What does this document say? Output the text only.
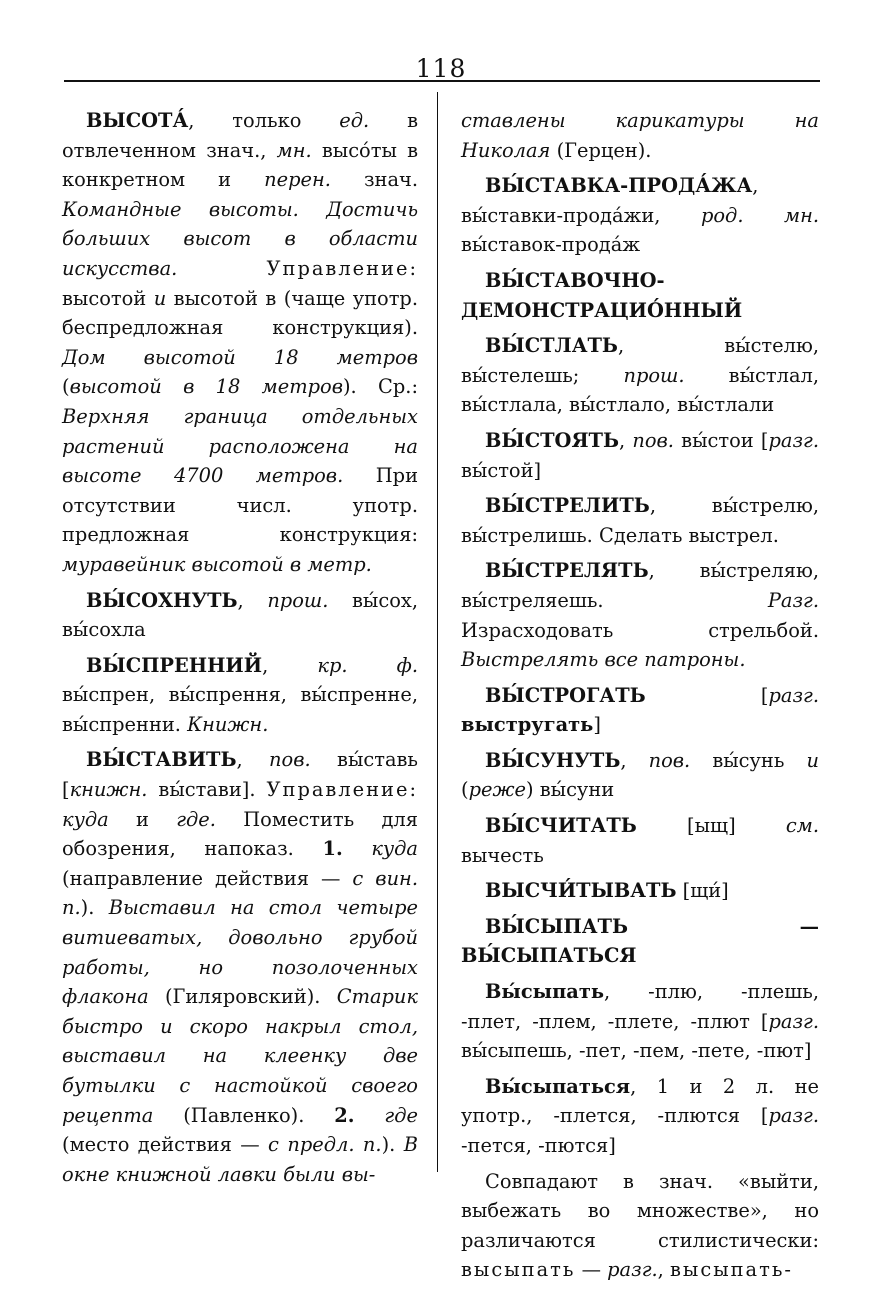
118

ВЫСОТА́, только ед. в отвлеченном знач., мн. высо́ты в конкретном и перен. знач. Командные высоты. Достичь больших высот в области искусства.	Управление: высотой и высотой в (чаще употр. беспредложная конструкция). Дом высотой 18 метров (высотой в 18 метров). Ср.: Верхняя граница отдельных растений расположена на высоте 4700 метров. При отсутствии числ. употр. предложная конструкция: муравейник высотой в метр.

ВЫ́СОХНУТЬ, прош. вы́сох, вы́сохла

ВЫ́СПРЕННИЙ, кр. ф. вы́спрен, вы́спрення, вы́спренне, вы́спренни. Книжн.

ВЫ́СТАВИТЬ, пов. вы́ставь [книжн. вы́стави]. Управление: куда и где. Поместить для обозрения, напоказ. 1. куда (направление действия — с вин. п.). Выставил на стол четыре витиеватых, довольно грубой работы, но позолоченных флакона (Гиляровский). Старик быстро и скоро накрыл стол, выставил на клеенку две бутылки с настойкой своего рецепта (Павленко). 2. где (место действия — с предл. п.). В окне книжной лавки были вы-

ставлены карикатуры на Николая (Герцен).

ВЫ́СТАВКА-ПРОДА́ЖА, вы́ставки-прода́жи, род. мн. вы́ставок-прода́ж

ВЫ́СТАВОЧНО-ДЕМОНСТРАЦИО́ННЫЙ

ВЫ́СТЛАТЬ, вы́стелю, вы́стелешь; прош. вы́стлал, вы́стлала, вы́стлало, вы́стлали

ВЫ́СТОЯТЬ, пов. вы́стои [разг. вы́стой]

ВЫ́СТРЕЛИТЬ, вы́стрелю, вы́стрелишь. Сделать выстрел.

ВЫ́СТРЕЛЯТЬ, вы́стреляю, вы́стреляешь. Разг. Израсходовать стрельбой. Выстрелять все патроны.

ВЫ́СТРОГАТЬ [разг. выстругать]

ВЫ́СУНУТЬ, пов. вы́сунь и (реже) вы́суни

ВЫ́СЧИТАТЬ [ыщ] см. вычесть

ВЫСЧИ́ТЫВАТЬ [щи́]

ВЫ́СЫПАТЬ — ВЫ́СЫПАТЬСЯ

Вы́сыпать, -плю, -плешь, -плет, -плем, -плете, -плют [разг. вы́сыпешь, -пет, -пем, -пете, -пют]

Вы́сыпаться, 1 и 2 л. не употр., -плется, -плются [разг. -пется, -пются]

Совпадают в знач. «выйти, выбежать во множестве», но различаются стилистически: высыпать — разг., высыпать-
